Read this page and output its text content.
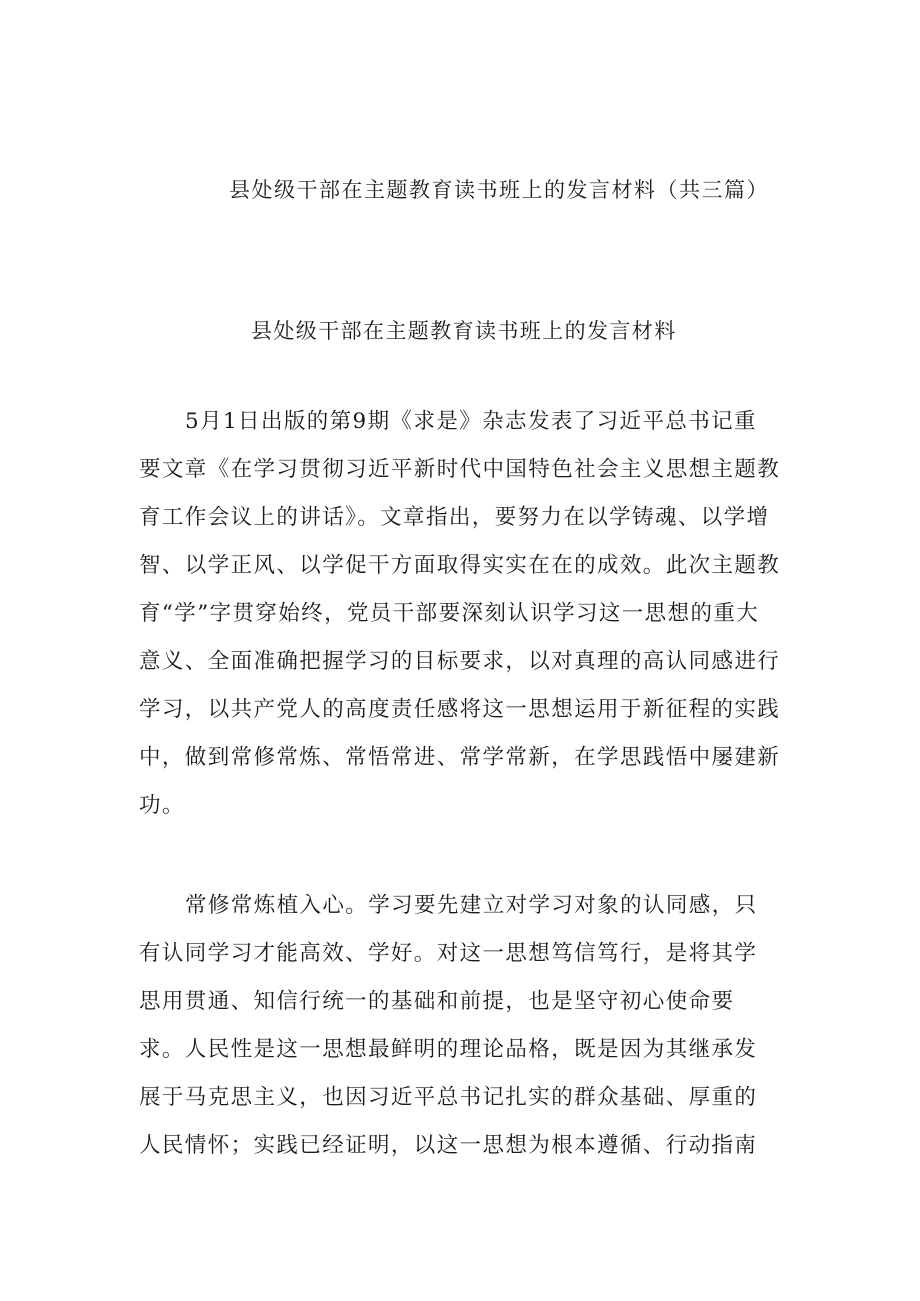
县处级干部在主题教育读书班上的发言材料（共三篇）
县处级干部在主题教育读书班上的发言材料
5月1日出版的第9期《求是》杂志发表了习近平总书记重
要文章《在学习贯彻习近平新时代中国特色社会主义思想主题教
育工作会议上的讲话》。文章指出，要努力在以学铸魂、以学增
智、以学正风、以学促干方面取得实实在在的成效。此次主题教
育“学”字贯穿始终，党员干部要深刻认识学习这一思想的重大
意义、全面准确把握学习的目标要求，以对真理的高认同感进行
学习，以共产党人的高度责任感将这一思想运用于新征程的实践
中，做到常修常炼、常悟常进、常学常新，在学思践悟中屡建新
功。
常修常炼植入心。学习要先建立对学习对象的认同感，只
有认同学习才能高效、学好。对这一思想笃信笃行，是将其学
思用贯通、知信行统一的基础和前提，也是坚守初心使命要
求。人民性是这一思想最鲜明的理论品格，既是因为其继承发
展于马克思主义，也因习近平总书记扎实的群众基础、厚重的
人民情怀；实践已经证明，以这一思想为根本遵循、行动指南
